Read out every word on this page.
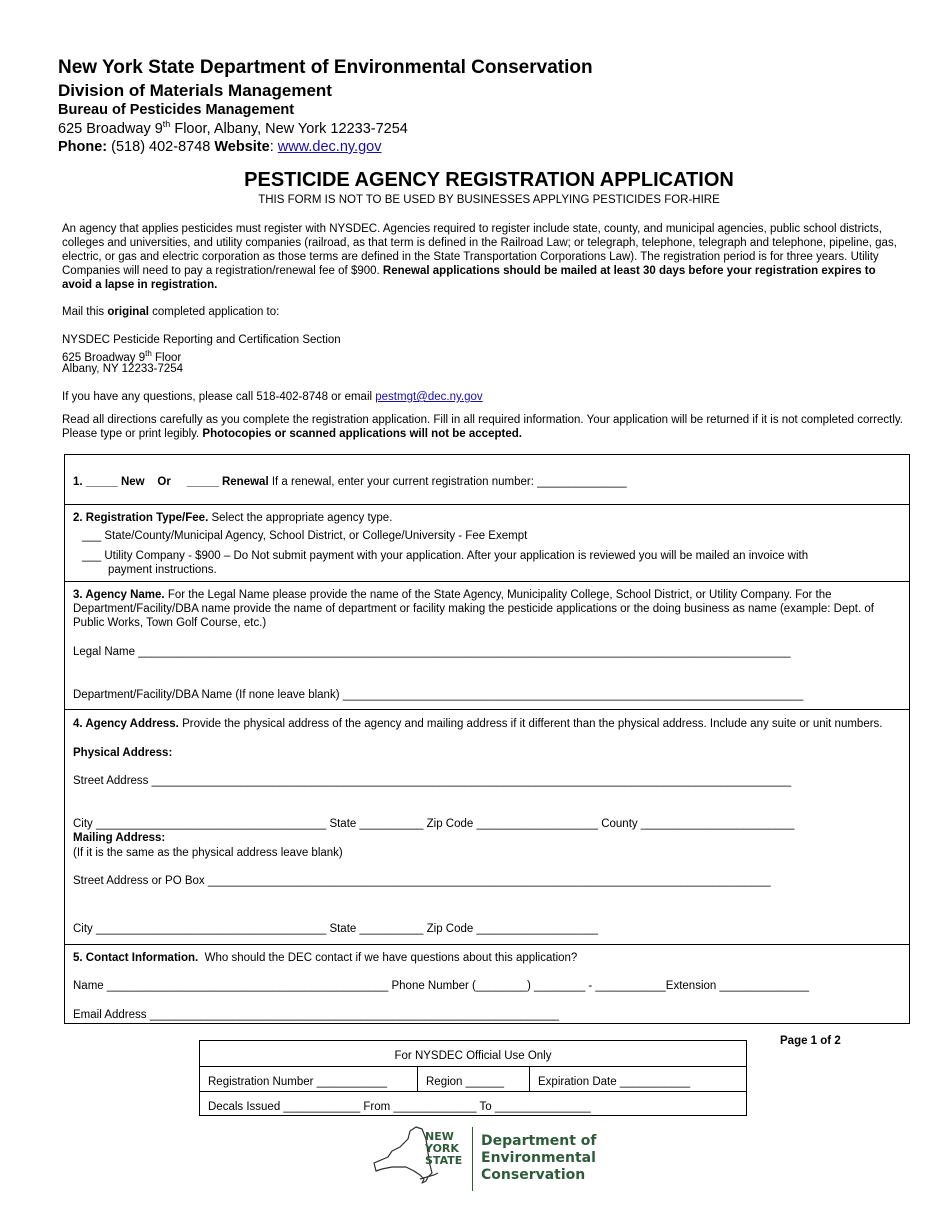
New York State Department of Environmental Conservation
Division of Materials Management
Bureau of Pesticides Management
625 Broadway 9th Floor, Albany, New York 12233-7254
Phone: (518) 402-8748 Website: www.dec.ny.gov
PESTICIDE AGENCY REGISTRATION APPLICATION
THIS FORM IS NOT TO BE USED BY BUSINESSES APPLYING PESTICIDES FOR-HIRE
An agency that applies pesticides must register with NYSDEC. Agencies required to register include state, county, and municipal agencies, public school districts, colleges and universities, and utility companies (railroad, as that term is defined in the Railroad Law; or telegraph, telephone, telegraph and telephone, pipeline, gas, electric, or gas and electric corporation as those terms are defined in the State Transportation Corporations Law). The registration period is for three years. Utility Companies will need to pay a registration/renewal fee of $900. Renewal applications should be mailed at least 30 days before your registration expires to avoid a lapse in registration.
Mail this original completed application to:
NYSDEC Pesticide Reporting and Certification Section
625 Broadway 9th Floor
Albany, NY 12233-7254
If you have any questions, please call 518-402-8748 or email pestmgt@dec.ny.gov
Read all directions carefully as you complete the registration application. Fill in all required information. Your application will be returned if it is not completed correctly. Please type or print legibly. Photocopies or scanned applications will not be accepted.
1. _____ New    Or     _____ Renewal If a renewal, enter your current registration number: ______________
2. Registration Type/Fee. Select the appropriate agency type.
___ State/County/Municipal Agency, School District, or College/University - Fee Exempt
___ Utility Company - $900 – Do Not submit payment with your application. After your application is reviewed you will be mailed an invoice with
payment instructions.
3. Agency Name. For the Legal Name please provide the name of the State Agency, Municipality College, School District, or Utility Company. For the Department/Facility/DBA name provide the name of department or facility making the pesticide applications or the doing business as name (example: Dept. of Public Works, Town Golf Course, etc.)
Legal Name ______________________________________________________________________________________________________
Department/Facility/DBA Name (If none leave blank) ________________________________________________________________________
4. Agency Address. Provide the physical address of the agency and mailing address if it different than the physical address. Include any suite or unit numbers.
Physical Address:
Street Address ____________________________________________________________________________________________________
City ____________________________________ State __________ Zip Code ___________________ County ________________________
Mailing Address:
(If it is the same as the physical address leave blank)
Street Address or PO Box ________________________________________________________________________________________
City ____________________________________ State __________ Zip Code ___________________
5. Contact Information.  Who should the DEC contact if we have questions about this application?
Name ____________________________________________ Phone Number (________) ________ - ___________Extension ______________
Email Address ________________________________________________________________
Page 1 of 2
For NYSDEC Official Use Only
Registration Number ___________	Region ______	Expiration Date ___________
Decals Issued ____________ From _____________ To _______________
NEW
YORK
STATE
Department of
Environmental
Conservation
